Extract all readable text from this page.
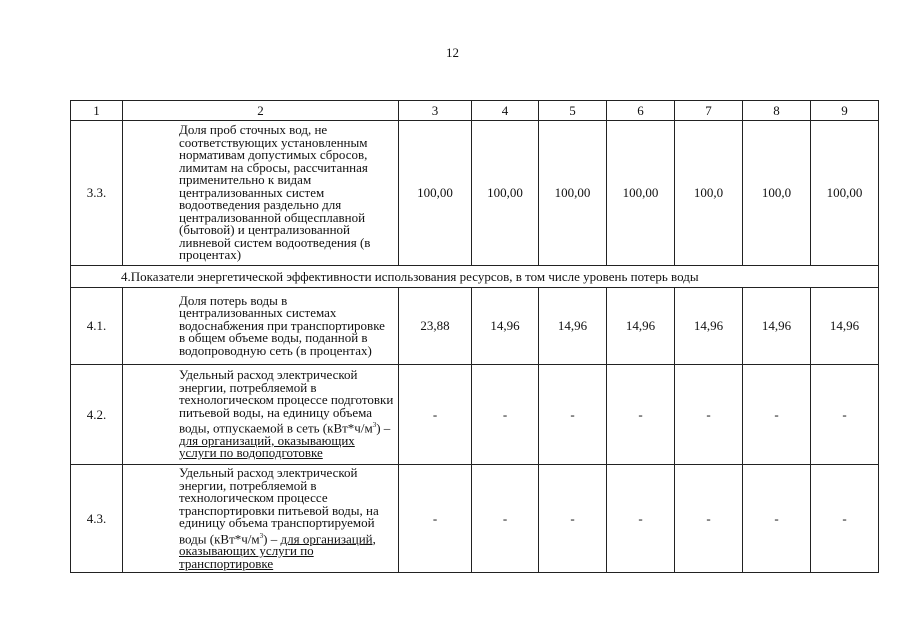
12
1	2	3	4	5	6	7	8	9
3.3.	Доля проб сточных вод, не соответствующих установленным нормативам допустимых сбросов, лимитам на сбросы, рассчитанная применительно к видам централизованных систем водоотведения раздельно для централизованной общесплавной (бытовой) и централизованной ливневой систем водоотведения (в процентах)	100,00	100,00	100,00	100,00	100,0	100,0	100,00
4.Показатели энергетической эффективности использования ресурсов, в том числе уровень потерь воды								
4.1.	Доля потерь воды в централизованных системах водоснабжения при транспортировке в общем объеме воды, поданной в водопроводную сеть (в процентах)	23,88	14,96	14,96	14,96	14,96	14,96	14,96
4.2.	Удельный расход электрической энергии, потребляемой в технологическом процессе подготовки питьевой воды, на единицу объема воды, отпускаемой в сеть $(кВт*ч/м^3)$ – для организаций, оказывающих услуги по водоподготовке	-	-	-	-	-	-	-
4.3.	Удельный расход электрической энергии, потребляемой в технологическом процессе транспортировки питьевой воды, на единицу объема транспортируемой воды $(кВт*ч/м^3)$ – для организаций, оказывающих услуги по транспортировке	-	-	-	-	-	-	-
